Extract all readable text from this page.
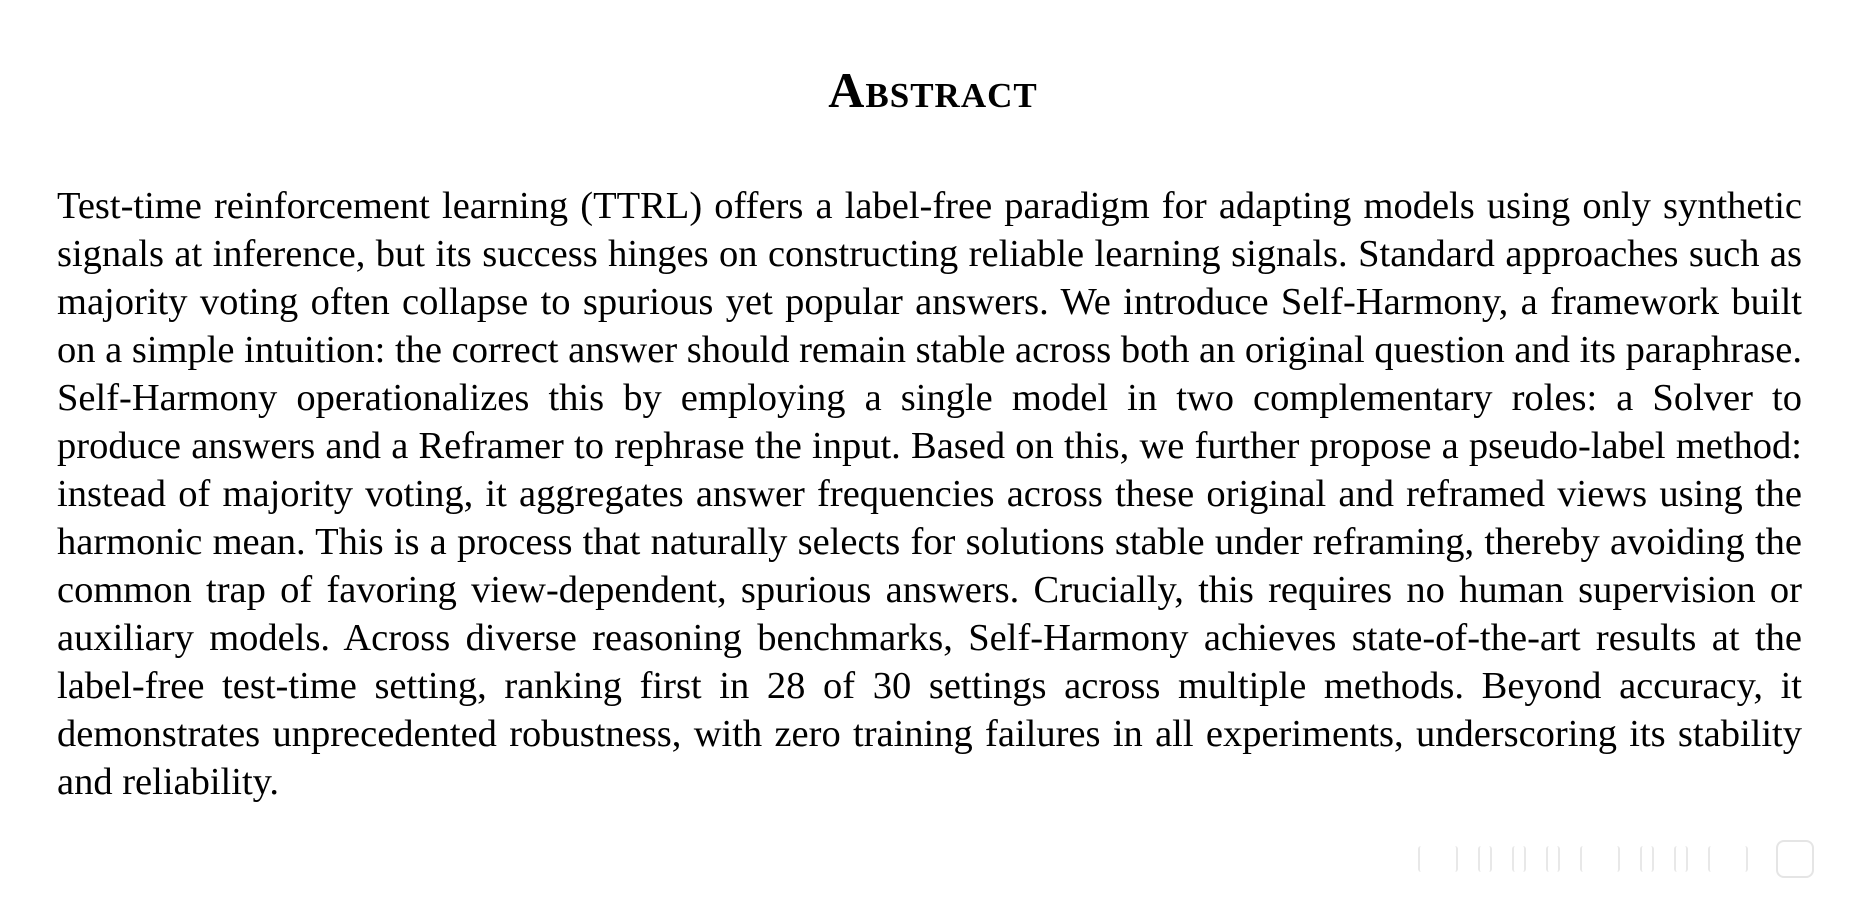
Abstract

Test-time reinforcement learning (TTRL) offers a label-free paradigm for adapting models using only synthetic signals at inference, but its success hinges on constructing reliable learning signals. Standard approaches such as majority voting often collapse to spurious yet popular answers. We introduce Self-Harmony, a framework built on a simple intuition: the correct answer should remain stable across both an original question and its paraphrase. Self-Harmony operationalizes this by employing a single model in two complementary roles: a Solver to produce answers and a Reframer to rephrase the input. Based on this, we further propose a pseudo-label method: instead of majority voting, it aggregates answer frequencies across these original and reframed views using the harmonic mean. This is a process that naturally selects for solutions stable under reframing, thereby avoiding the common trap of favoring view-dependent, spurious answers. Crucially, this requires no human supervision or auxiliary models. Across diverse reasoning benchmarks, Self-Harmony achieves state-of-the-art results at the label-free test-time setting, ranking first in 28 of 30 settings across multiple methods. Beyond accuracy, it demonstrates unprecedented robustness, with zero training failures in all experiments, underscoring its stability and reliability.
